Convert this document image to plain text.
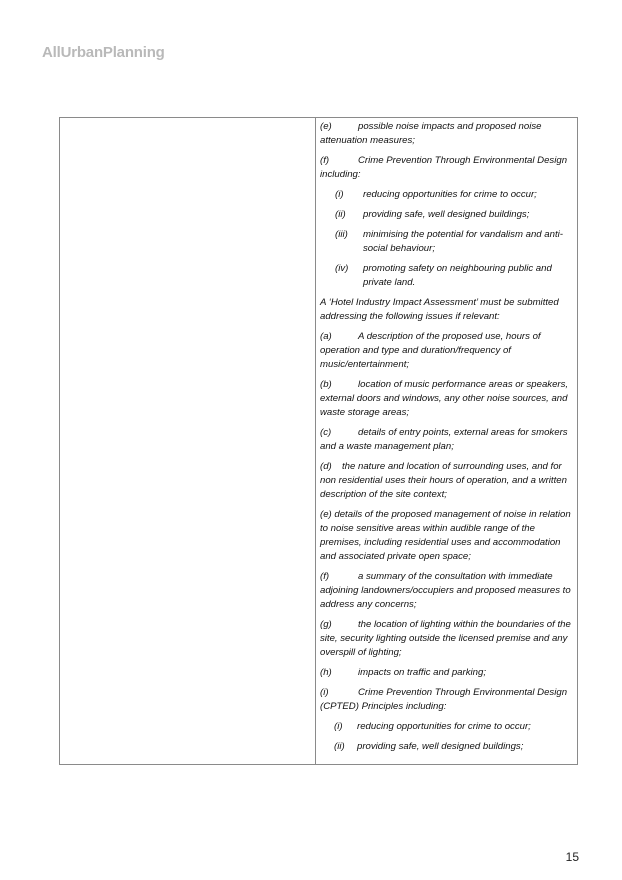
AllUrbanPlanning

(e)	possible noise impacts and proposed noise attenuation measures;

(f)	Crime Prevention Through Environmental Design including:

(i) reducing opportunities for crime to occur;
(ii) providing safe, well designed buildings;
(iii) minimising the potential for vandalism and anti-social behaviour;
(iv) promoting safety on neighbouring public and private land.

A ‘Hotel Industry Impact Assessment’ must be submitted addressing the following issues if relevant:

(a)	A description of the proposed use, hours of operation and type and duration/frequency of music/entertainment;

(b)	location of music performance areas or speakers, external doors and windows, any other noise sources, and waste storage areas;

(c)	details of entry points, external areas for smokers and a waste management plan;

(d) the nature and location of surrounding uses, and for non residential uses their hours of operation, and a written description of the site context;

(e) details of the proposed management of noise in relation to noise sensitive areas within audible range of the premises, including residential uses and accommodation and associated private open space;

(f)	a summary of the consultation with immediate adjoining landowners/occupiers and proposed measures to address any concerns;

(g)	the location of lighting within the boundaries of the site, security lighting outside the licensed premise and any overspill of lighting;

(h)	impacts on traffic and parking;

(i)	Crime Prevention Through Environmental Design (CPTED) Principles including:

(i) reducing opportunities for crime to occur;
(ii) providing safe, well designed buildings;
15
